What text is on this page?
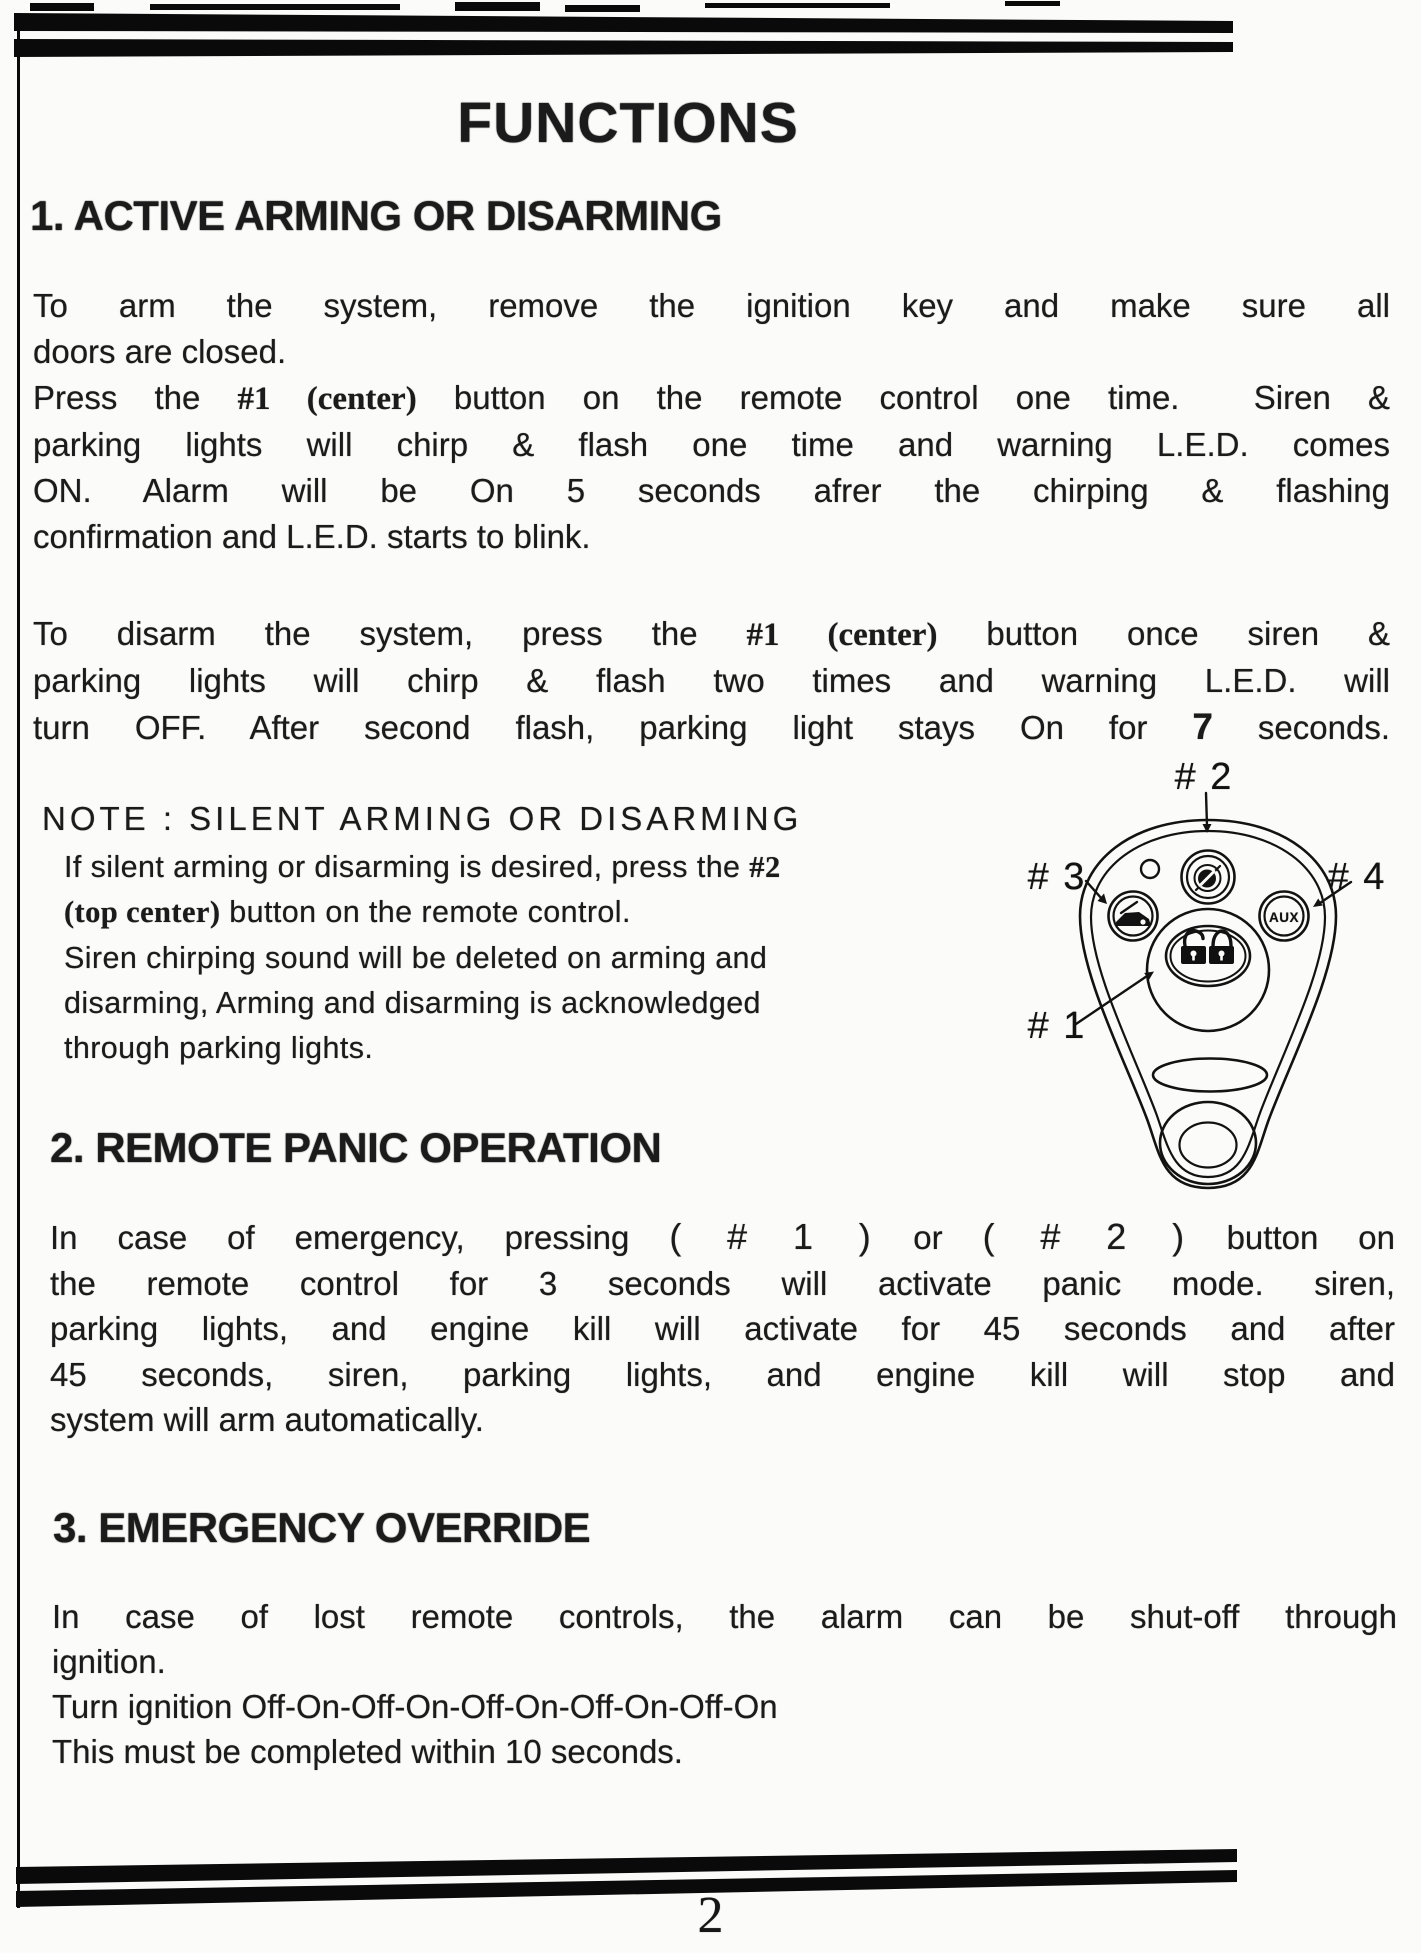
FUNCTIONS
1. ACTIVE ARMING OR DISARMING
To arm the system, remove the ignition key and make sure all
doors are closed.
Press the #1 (center) button on the remote control one time.  Siren &
parking lights will chirp & flash one time and warning L.E.D. comes
ON. Alarm will be On 5 seconds afrer the chirping & flashing
confirmation and L.E.D. starts to blink.
To disarm the system, press the #1 (center) button once siren &
parking lights will chirp & flash two times and warning L.E.D. will
turn OFF. After second flash, parking light stays On for 7 seconds.
NOTE : SILENT ARMING OR DISARMING
If silent arming or disarming is desired, press the #2
(top center) button on the remote control.
Siren chirping sound will be deleted on arming and
disarming, Arming and disarming is acknowledged
through parking lights.
# 2
# 3	# 4
# 1
AUX
2. REMOTE PANIC OPERATION
In case of emergency, pressing ( # 1 ) or ( # 2 ) button on
the remote control for 3 seconds will activate panic mode. siren,
parking lights, and engine kill will activate for 45 seconds and after
45 seconds, siren, parking lights, and engine kill will stop and
system will arm automatically.
3. EMERGENCY OVERRIDE
In case of lost remote controls, the alarm can be shut-off through
ignition.
Turn ignition Off-On-Off-On-Off-On-Off-On-Off-On
This must be completed within 10 seconds.
2
